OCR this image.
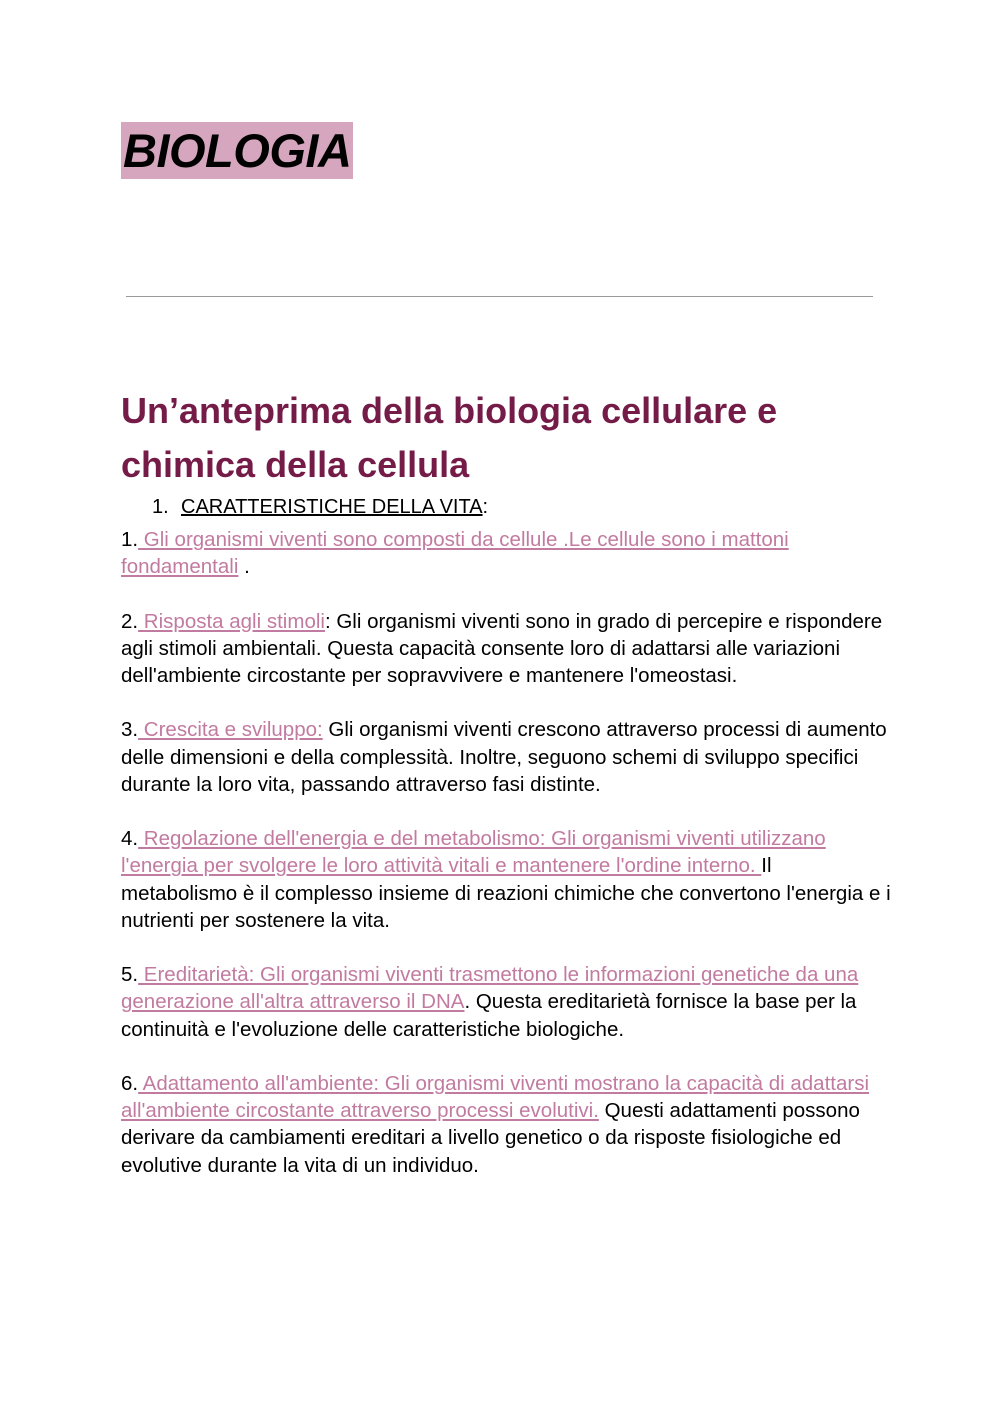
BIOLOGIA
Un’anteprima della biologia cellulare e chimica della cellula
1. CARATTERISTICHE DELLA VITA:

1. Gli organismi viventi sono composti da cellule .Le cellule sono i mattoni fondamentali .

2. Risposta agli stimoli: Gli organismi viventi sono in grado di percepire e rispondere agli stimoli ambientali. Questa capacità consente loro di adattarsi alle variazioni dell'ambiente circostante per sopravvivere e mantenere l'omeostasi.

3. Crescita e sviluppo: Gli organismi viventi crescono attraverso processi di aumento delle dimensioni e della complessità. Inoltre, seguono schemi di sviluppo specifici durante la loro vita, passando attraverso fasi distinte.

4. Regolazione dell'energia e del metabolismo: Gli organismi viventi utilizzano l'energia per svolgere le loro attività vitali e mantenere l'ordine interno. Il metabolismo è il complesso insieme di reazioni chimiche che convertono l'energia e i nutrienti per sostenere la vita.

5. Ereditarietà: Gli organismi viventi trasmettono le informazioni genetiche da una generazione all'altra attraverso il DNA. Questa ereditarietà fornisce la base per la continuità e l'evoluzione delle caratteristiche biologiche.

6. Adattamento all'ambiente: Gli organismi viventi mostrano la capacità di adattarsi all'ambiente circostante attraverso processi evolutivi. Questi adattamenti possono derivare da cambiamenti ereditari a livello genetico o da risposte fisiologiche ed evolutive durante la vita di un individuo.
